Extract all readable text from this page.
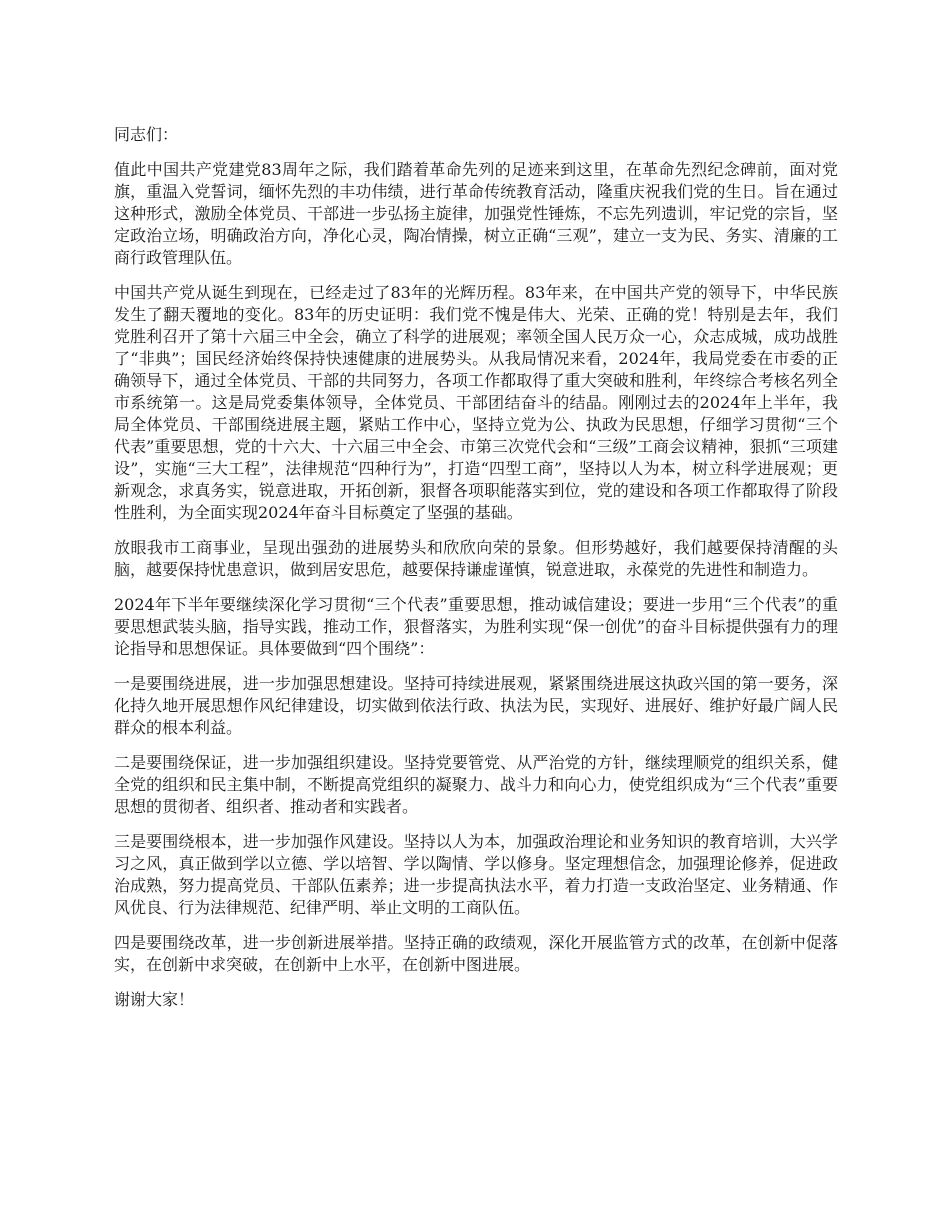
同志们：

值此中国共产党建党83周年之际，我们踏着革命先列的足迹来到这里，在革命先烈纪念碑前，面对党旗，重温入党誓词，缅怀先烈的丰功伟绩，进行革命传统教育活动，隆重庆祝我们党的生日。旨在通过这种形式，激励全体党员、干部进一步弘扬主旋律，加强党性锤炼，不忘先列遗训，牢记党的宗旨，坚定政治立场，明确政治方向，净化心灵，陶冶情操，树立正确“三观”，建立一支为民、务实、清廉的工商行政管理队伍。

中国共产党从诞生到现在，已经走过了83年的光辉历程。83年来，在中国共产党的领导下，中华民族发生了翻天覆地的变化。83年的历史证明：我们党不愧是伟大、光荣、正确的党！特别是去年，我们党胜利召开了第十六届三中全会，确立了科学的进展观；率领全国人民万众一心，众志成城，成功战胜了“非典”；国民经济始终保持快速健康的进展势头。从我局情况来看，2024年，我局党委在市委的正确领导下，通过全体党员、干部的共同努力，各项工作都取得了重大突破和胜利，年终综合考核名列全市系统第一。这是局党委集体领导，全体党员、干部团结奋斗的结晶。刚刚过去的2024年上半年，我局全体党员、干部围绕进展主题，紧贴工作中心，坚持立党为公、执政为民思想，仔细学习贯彻“三个代表”重要思想，党的十六大、十六届三中全会、市第三次党代会和“三级”工商会议精神，狠抓“三项建设”，实施“三大工程”，法律规范“四种行为”，打造“四型工商”，坚持以人为本，树立科学进展观；更新观念，求真务实，锐意进取，开拓创新，狠督各项职能落实到位，党的建设和各项工作都取得了阶段性胜利，为全面实现2024年奋斗目标奠定了坚强的基础。

放眼我市工商事业，呈现出强劲的进展势头和欣欣向荣的景象。但形势越好，我们越要保持清醒的头脑，越要保持忧患意识，做到居安思危，越要保持谦虚谨慎，锐意进取，永葆党的先进性和制造力。

2024年下半年要继续深化学习贯彻“三个代表”重要思想，推动诚信建设；要进一步用“三个代表”的重要思想武装头脑，指导实践，推动工作，狠督落实，为胜利实现“保一创优”的奋斗目标提供强有力的理论指导和思想保证。具体要做到“四个围绕”：

一是要围绕进展，进一步加强思想建设。坚持可持续进展观，紧紧围绕进展这执政兴国的第一要务，深化持久地开展思想作风纪律建设，切实做到依法行政、执法为民，实现好、进展好、维护好最广阔人民群众的根本利益。

二是要围绕保证，进一步加强组织建设。坚持党要管党、从严治党的方针，继续理顺党的组织关系，健全党的组织和民主集中制，不断提高党组织的凝聚力、战斗力和向心力，使党组织成为“三个代表”重要思想的贯彻者、组织者、推动者和实践者。

三是要围绕根本，进一步加强作风建设。坚持以人为本，加强政治理论和业务知识的教育培训，大兴学习之风，真正做到学以立德、学以培智、学以陶情、学以修身。坚定理想信念，加强理论修养，促进政治成熟，努力提高党员、干部队伍素养；进一步提高执法水平，着力打造一支政治坚定、业务精通、作风优良、行为法律规范、纪律严明、举止文明的工商队伍。

四是要围绕改革，进一步创新进展举措。坚持正确的政绩观，深化开展监管方式的改革，在创新中促落实，在创新中求突破，在创新中上水平，在创新中图进展。

谢谢大家！
